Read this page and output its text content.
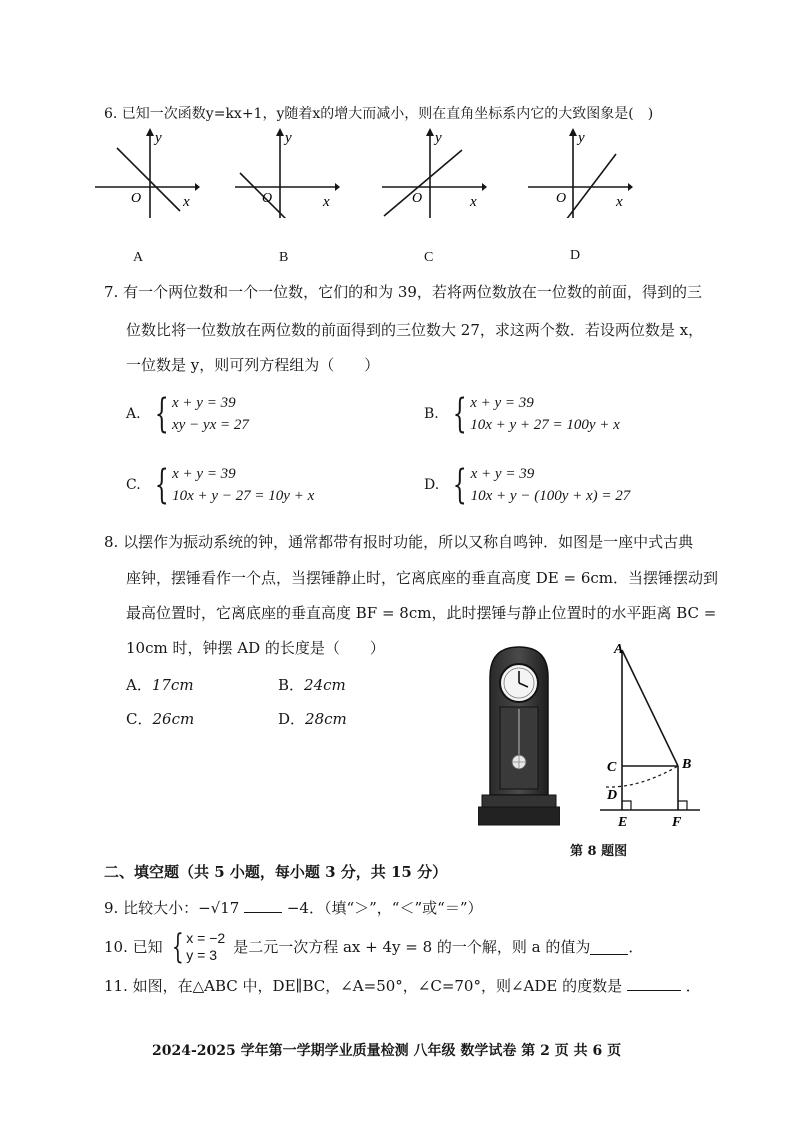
6. 已知一次函数y=kx+1，y随着x的增大而减小，则在直角坐标系内它的大致图象是(　)
y
x
O
A
y
x
O
B
y
x
O
C
y
x
O
D
7. 有一个两位数和一个一位数，它们的和为 39，若将两位数放在一位数的前面，得到的三
位数比将一位数放在两位数的前面得到的三位数大 27，求这两个数．若设两位数是 x，
一位数是 y，则可列方程组为（　　）
A. { x + y = 39
xy − yx = 27
B. { x + y = 39
10x + y + 27 = 100y + x
C. { x + y = 39
10x + y − 27 = 10y + x
D. { x + y = 39
10x + y − (100y + x) = 27
8. 以摆作为振动系统的钟，通常都带有报时功能，所以又称自鸣钟．如图是一座中式古典
座钟，摆锤看作一个点，当摆锤静止时，它离底座的垂直高度 DE = 6cm．当摆锤摆动到
最高位置时，它离底座的垂直高度 BF = 8cm，此时摆锤与静止位置时的水平距离 BC =
10cm 时，钟摆 AD 的长度是（　　）
A．17cm	B．24cm
C．26cm	D．28cm
A
B
C
D
E	F
第 8 题图
二、填空题（共 5 小题，每小题 3 分，共 15 分）
9. 比较大小：−√17	−4．（填“＞”，“＜”或“＝”）
10. 已知 { x = −2
y = 3	是二元一次方程 ax + 4y = 8 的一个解，则 a 的值为	．
11. 如图，在△ABC 中，DE∥BC，∠A=50°，∠C=70°，则∠ADE 的度数是	．
2024-2025 学年第一学期学业质量检测 八年级 数学试卷 第 2 页 共 6 页
